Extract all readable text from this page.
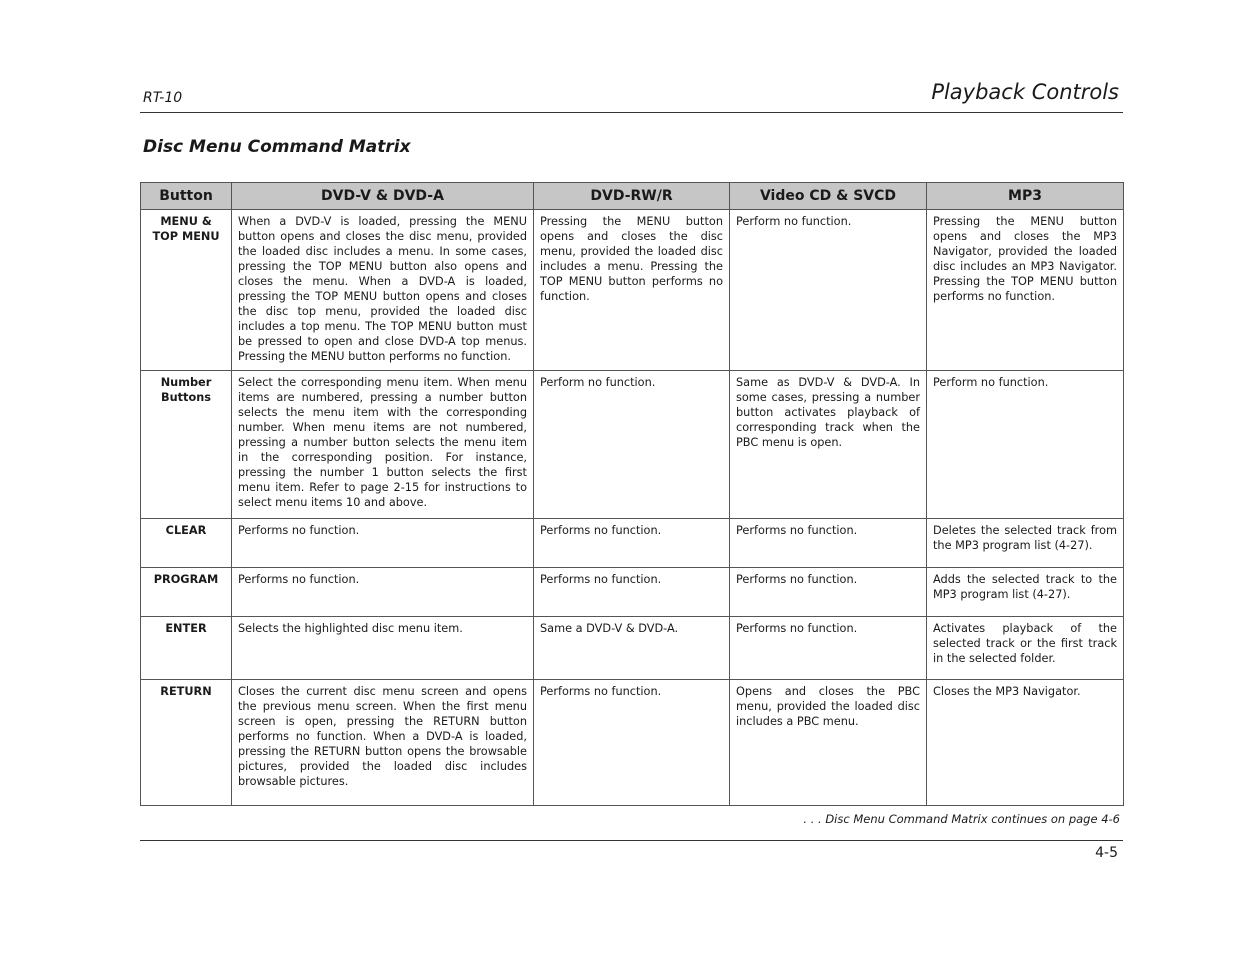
RT-10	Playback Controls
Disc Menu Command Matrix
Button	DVD-V & DVD-A	DVD-RW/R	Video CD & SVCD	MP3

MENU & TOP MENU	When a DVD-V is loaded, pressing the MENU button opens and closes the disc menu, provided the loaded disc includes a menu. In some cases, pressing the TOP MENU button also opens and closes the menu. When a DVD-A is loaded, pressing the TOP MENU button opens and closes the disc top menu, provided the loaded disc includes a top menu. The TOP MENU button must be pressed to open and close DVD-A top menus. Pressing the MENU button performs no function.	Pressing the MENU button opens and closes the disc menu, provided the loaded disc includes a menu. Pressing the TOP MENU button performs no function.	Perform no function.	Pressing the MENU button opens and closes the MP3 Navigator, provided the loaded disc includes an MP3 Navigator. Pressing the TOP MENU button performs no function.

Number Buttons	Select the corresponding menu item. When menu items are numbered, pressing a number button selects the menu item with the corresponding number. When menu items are not numbered, pressing a number button selects the menu item in the corresponding position. For instance, pressing the number 1 button selects the first menu item. Refer to page 2-15 for instructions to select menu items 10 and above.	Perform no function.	Same as DVD-V & DVD-A. In some cases, pressing a number button activates playback of corresponding track when the PBC menu is open.	Perform no function.
CLEAR	Performs no function.	Performs no function.	Performs no function.	Deletes the selected track from the MP3 program list (4-27).
PROGRAM	Performs no function.	Performs no function.	Performs no function.	Adds the selected track to the MP3 program list (4-27).
ENTER	Selects the highlighted disc menu item.	Same a DVD-V & DVD-A.	Performs no function.	Activates playback of the selected track or the first track in the selected folder.
RETURN	Closes the current disc menu screen and opens the previous menu screen. When the first menu screen is open, pressing the RETURN button performs no function. When a DVD-A is loaded, pressing the RETURN button opens the browsable pictures, provided the loaded disc includes browsable pictures.	Performs no function.	Opens and closes the PBC menu, provided the loaded disc includes a PBC menu.	Closes the MP3 Navigator.
. . . Disc Menu Command Matrix continues on page 4-6
4-5
